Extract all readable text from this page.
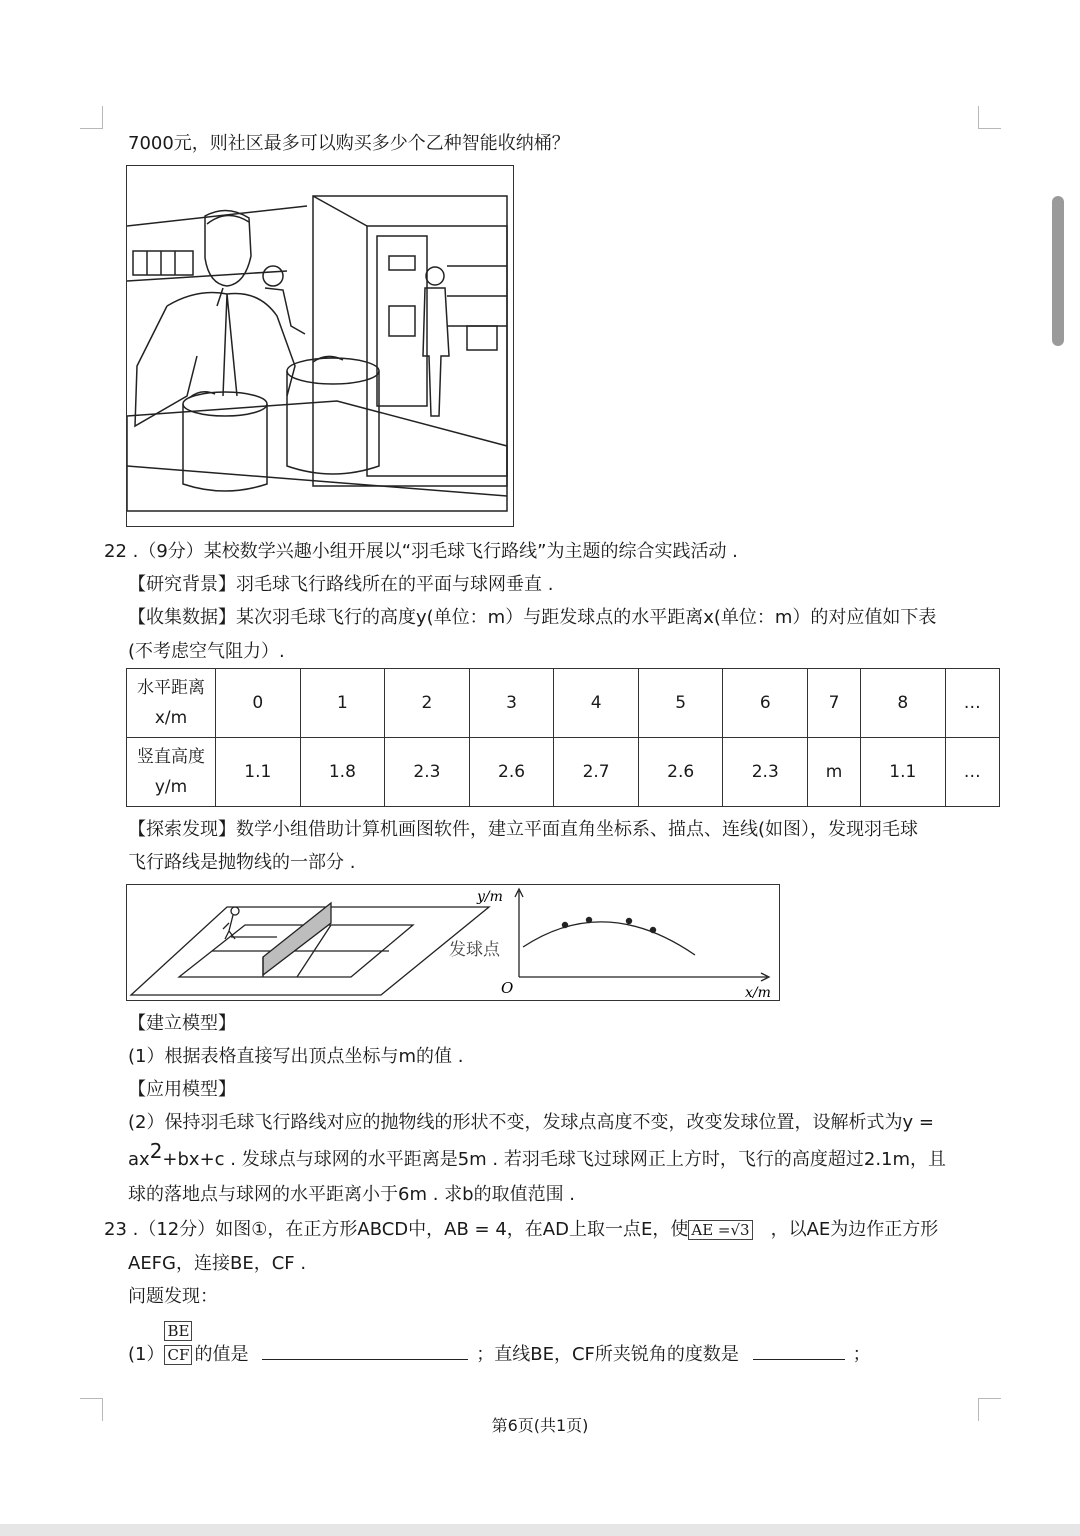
7000元，则社区最多可以购买多少个乙种智能收纳桶？
22 .（9分）某校数学兴趣小组开展以“羽毛球飞行路线”为主题的综合实践活动 .
【研究背景】羽毛球飞行路线所在的平面与球网垂直 .
【收集数据】某次羽毛球飞行的高度y(单位：m）与距发球点的水平距离x(单位：m）的对应值如下表
(不考虑空气阻力）.
水平距离
x/m	0	1	2	3	4	5	6	7	8	…

竖直高度
y/m	1.1	1.8	2.3	2.6	2.7	2.6	2.3	m	1.1	…
【探索发现】数学小组借助计算机画图软件，建立平面直角坐标系、描点、连线(如图），发现羽毛球
飞行路线是抛物线的一部分 .
y/m
x/m
O
发球点
【建立模型】
(1）根据表格直接写出顶点坐标与m的值 .
【应用模型】
(2）保持羽毛球飞行路线对应的抛物线的形状不变，发球点高度不变，改变发球位置，设解析式为y =
$ax^2+bx+c$ . 发球点与球网的水平距离是5m . 若羽毛球飞过球网正上方时，飞行的高度超过2.1m，且
球的落地点与球网的水平距离小于6m . 求b的取值范围 .
23 .（12分）如图①，在正方形ABCD中，AB = 4，在AD上取一点E，使 AE =√3 ，以AE为边作正方形
AEFG，连接BE，CF .
问题发现：
$(1) \frac{BE}{CF}$ 的值是	；直线BE，CF所夹锐角的度数是	；
第6页(共1页)
